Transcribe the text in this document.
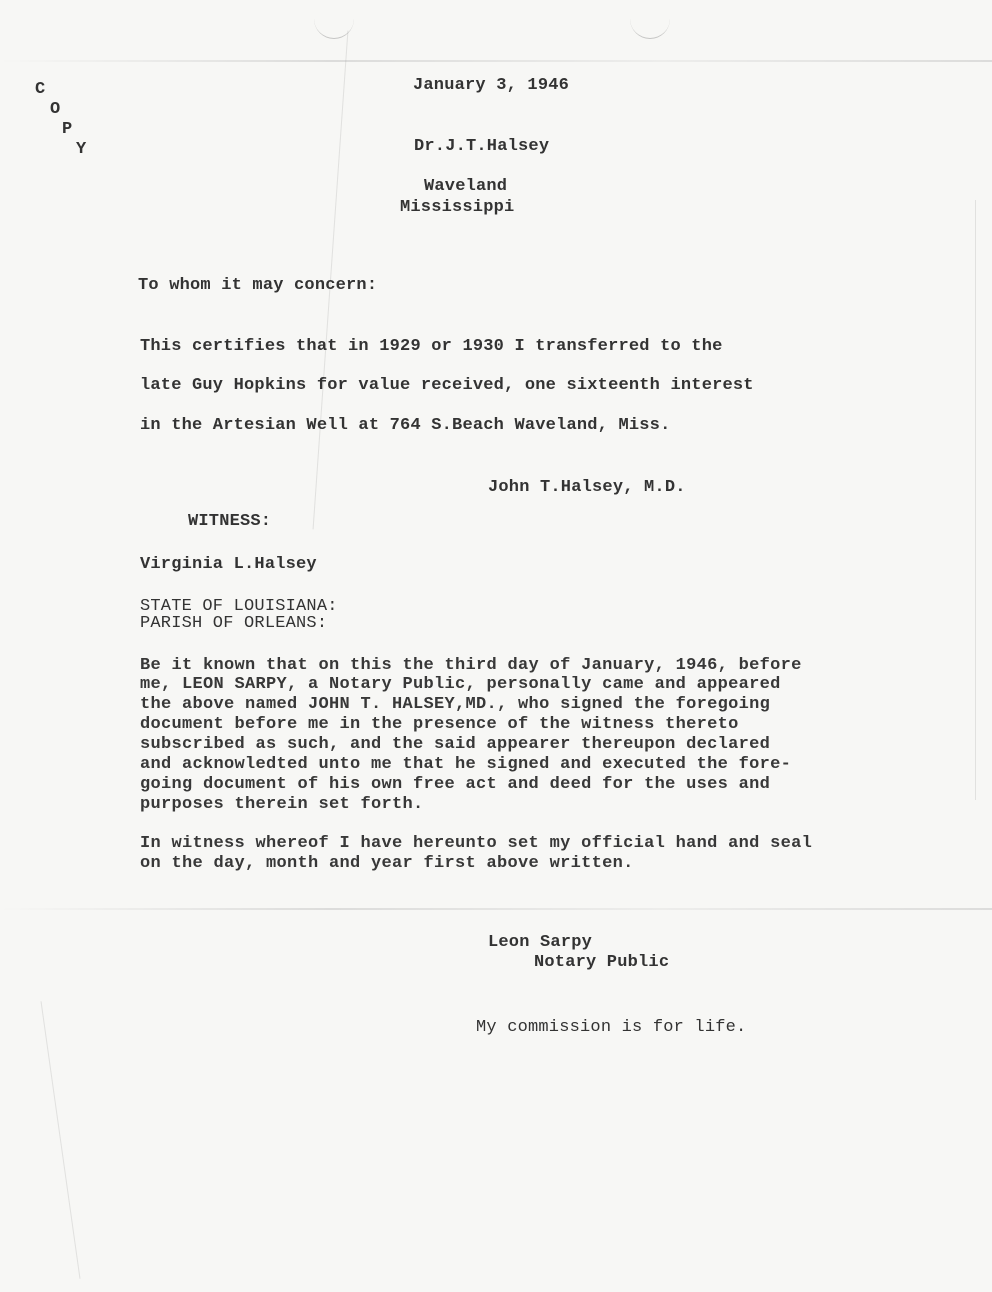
C
O
P
Y
January 3, 1946
Dr.J.T.Halsey
Waveland
Mississippi
To whom it may concern:
This certifies that in 1929 or 1930 I transferred to the
late Guy Hopkins for value received, one sixteenth interest
in the Artesian Well at 764 S.Beach Waveland, Miss.
John T.Halsey, M.D.
WITNESS:
Virginia L.Halsey
STATE OF LOUISIANA:
PARISH OF ORLEANS:
Be it known that on this the third day of January, 1946, before
me, LEON SARPY, a Notary Public, personally came and appeared
the above named JOHN T. HALSEY,MD., who signed the foregoing
document before me in the presence of the witness thereto
subscribed as such, and the said appearer thereupon declared
and acknowledted unto me that he signed and executed the fore-
going document of his own free act and deed for the uses and
purposes therein set forth.
In witness whereof I have hereunto set my official hand and seal
on the day, month and year first above written.
Leon Sarpy
Notary Public
My commission is for life.
